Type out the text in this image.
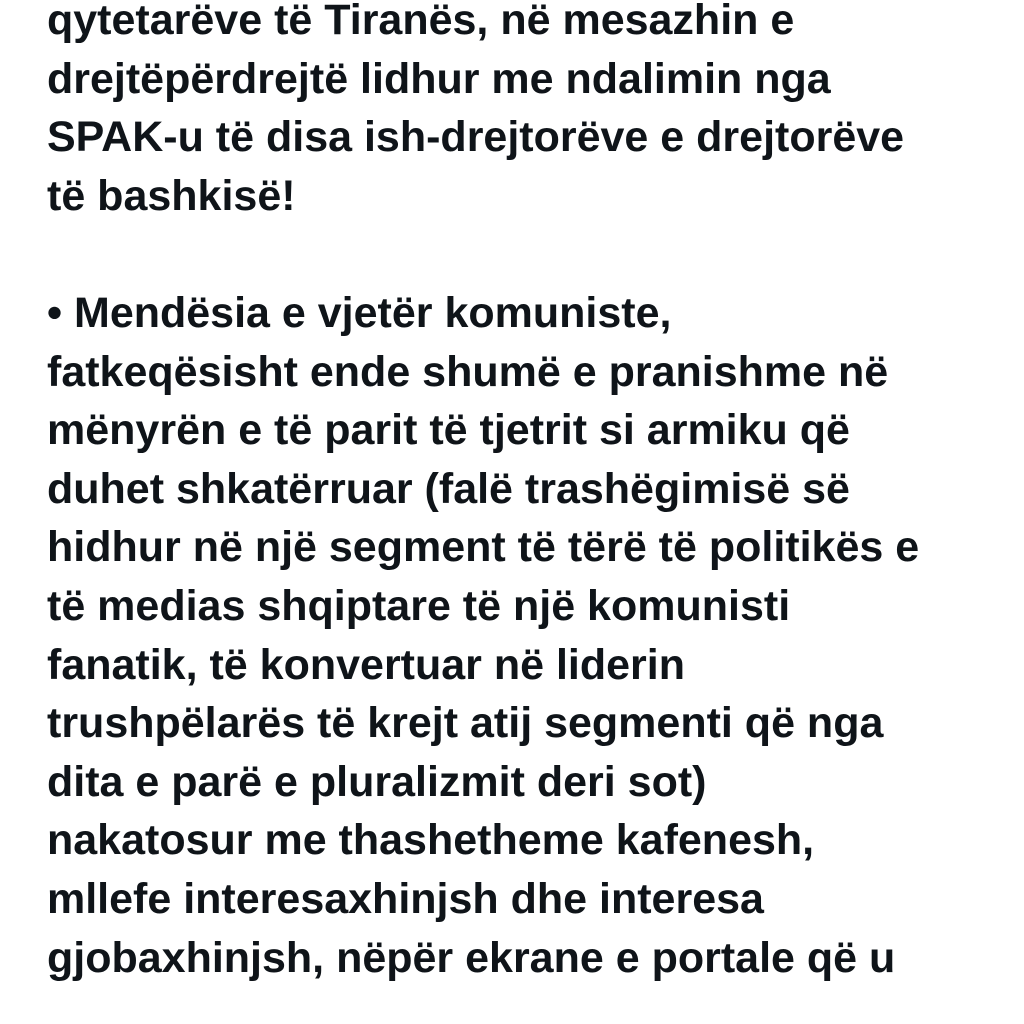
qytetarëve të Tiranës, në mesazhin e
drejtëpërdrejtë lidhur me ndalimin nga
SPAK-u të disa ish-drejtorëve e drejtorëve
të bashkisë!
• Mendësia e vjetër komuniste,
fatkeqësisht ende shumë e pranishme në
mënyrën e të parit të tjetrit si armiku që
duhet shkatërruar (falë trashëgimisë së
hidhur në një segment të tërë të politikës e
të medias shqiptare të një komunisti
fanatik, të konvertuar në liderin
trushpëlarës të krejt atij segmenti që nga
dita e parë e pluralizmit deri sot)
nakatosur me thashetheme kafenesh,
mllefe interesaxhinjsh dhe interesa
gjobaxhinjsh, nëpër ekrane e portale që u
